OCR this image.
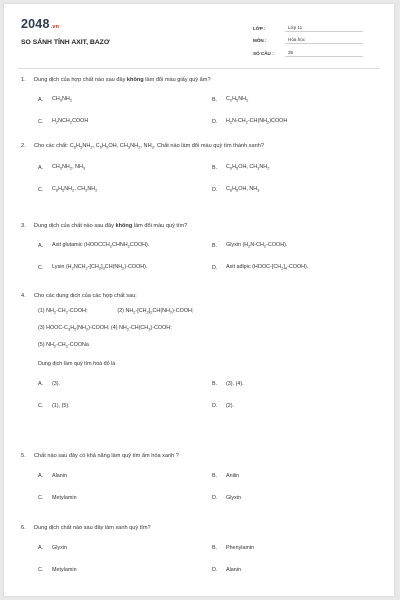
2048.vn
SO SÁNH TÍNH AXIT, BAZƠ
LỚP :	Lớp 11
MÔN :	Hóa học
SỐ CÂU :	35
1. Dung dịch của hợp chất nào sau đây không làm đổi màu giấy quỳ ẩm?
A.	$CH_3NH_2$	B.	$C_2H_5NH_2$
C.	$H_2NCH_2COOH$	D.	$H_2N-CH_2-CH(NH_2)COOH$
2. Cho các chất: $C_6H_5NH_2$, $C_6H_5OH$, $CH_3NH_2$, $NH_3$. Chất nào làm đổi màu quỳ tím thành xanh?
A.	$CH_3NH_2$, $NH_3$	B.	$C_6H_5OH$, $CH_3NH_2$
C.	$C_6H_5NH_2$, $CH_3NH_2$	D.	$C_6H_5OH$, $NH_3$
3. Dung dịch của chất nào sau đây không làm đổi màu quỳ tím?
A.	Axit glutamic $(HOOCCH_2CHNH_2COOH)$.	B.	Glyxin $(H_2N-CH_2-COOH)$.
C.	Lysin $(H_2NCH_2-[CH_2]_3CH(NH_2)-COOH)$.	D.	Axit ađipic $(HOOC-[CH_2]_4-COOH)$.
4. Cho các dung dịch của các hợp chất sau:
(1) $NH_2-CH_2$-COOH;                    (2) $NH_2-[CH_2]_2CH(NH_2)$-COOH;
(3) HOOC-$C_3H_5(NH_2)$-COOH; (4) $NH_2-CH(CH_3)$-COOH;
(5) $NH_2-CH_2$-COONa
Dung dịch làm quỳ tím hoá đỏ là
A.	(3).	B.	(3), (4).
C.	(1), (5).	D.	(2).
5. Chất nào sau đây có khả năng làm quỳ tím ẩm hóa xanh ?
A.	Alanin	B.	Anilin
C.	Metylamin	D.	Glyxin
6. Dung dịch chất nào sau đây làm xanh quỳ tím?
A.	Glyxin	B.	Phenylamin
C.	Metylamin	D.	Alanin
